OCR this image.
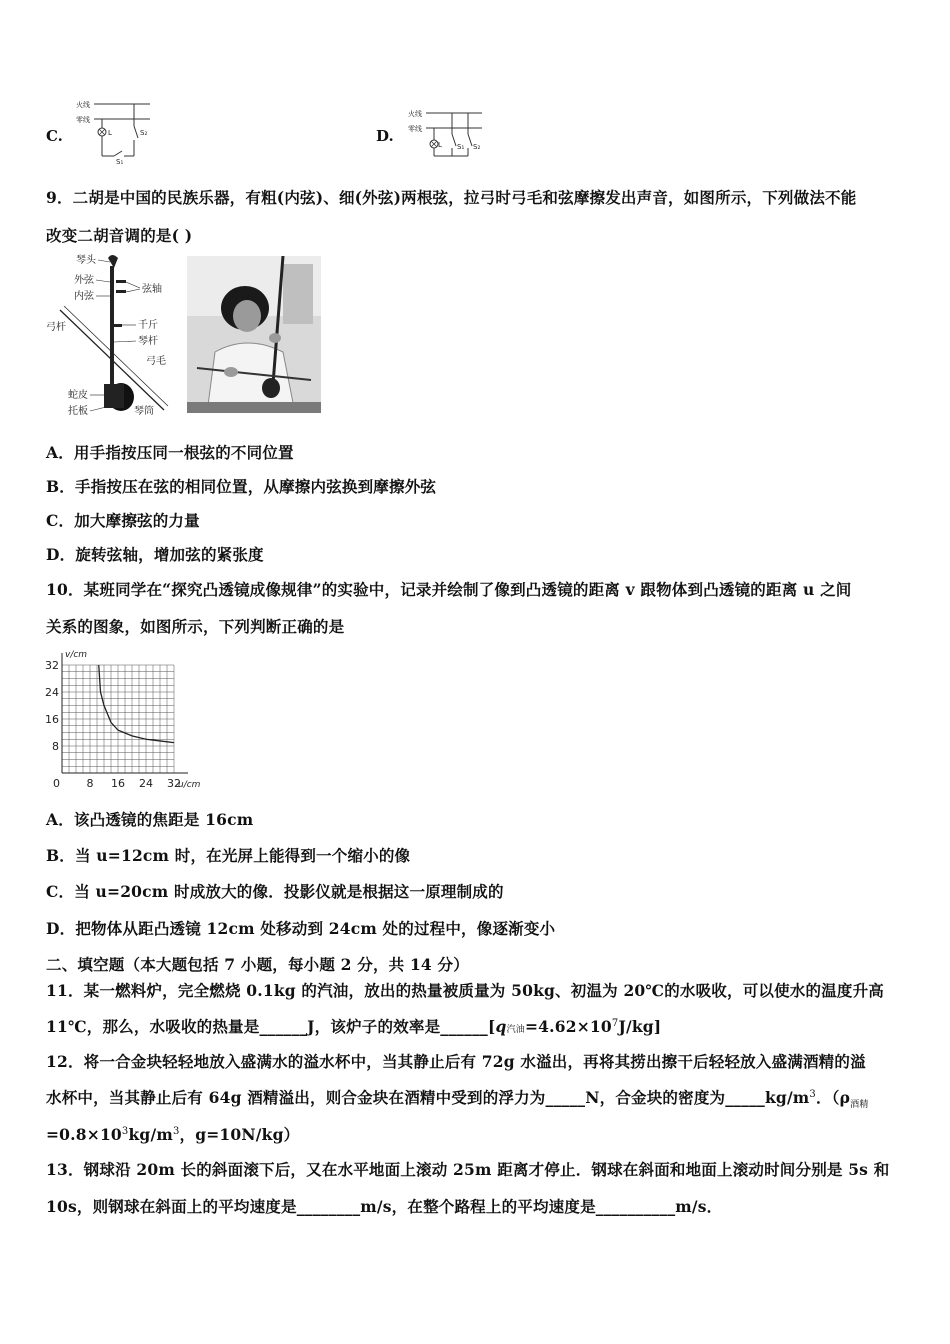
C.
火线
零线
L	S₂
S₁
D.
火线
零线
L S₁ S₂
9．二胡是中国的民族乐器，有粗(内弦)、细(外弦)两根弦，拉弓时弓毛和弦摩擦发出声音，如图所示，下列做法不能
改变二胡音调的是( )
琴头
外弦
内弦
弦轴
弓杆	千斤
琴杆
弓毛
蛇皮
托板	琴筒
A．用手指按压同一根弦的不同位置
B．手指按压在弦的相同位置，从摩擦内弦换到摩擦外弦
C．加大摩擦弦的力量
D．旋转弦轴，增加弦的紧张度
10．某班同学在“探究凸透镜成像规律”的实验中，记录并绘制了像到凸透镜的距离 v 跟物体到凸透镜的距离 u 之间
关系的图象，如图所示，下列判断正确的是
8 16 24 32
8
16
24
32
v/cm
u/cm
0
A．该凸透镜的焦距是 16cm
B．当 u=12cm 时，在光屏上能得到一个缩小的像
C．当 u=20cm 时成放大的像．投影仪就是根据这一原理制成的
D．把物体从距凸透镜 12cm 处移动到 24cm 处的过程中，像逐渐变小
二、填空题（本大题包括 7 小题，每小题 2 分，共 14 分）
11．某一燃料炉，完全燃烧 0.1kg 的汽油，放出的热量被质量为 50kg、初温为 20℃的水吸收，可以使水的温度升高
11℃，那么，水吸收的热量是______J，该炉子的效率是______[q汽油$=4.62\times 10^7J/kg$]
12．将一合金块轻轻地放入盛满水的溢水杯中，当其静止后有 72g 水溢出，再将其捞出擦干后轻轻放入盛满酒精的溢
水杯中，当其静止后有 64g 酒精溢出，则合金块在酒精中受到的浮力为_____N，合金块的密度为$\_\_\_\_\_kg/m^3$．（$\rho_{酒精}$
$=0.8\times 10^3kg/m^3$，g=10N/kg）
13．钢球沿 20m 长的斜面滚下后，又在水平地面上滚动 25m 距离才停止．钢球在斜面和地面上滚动时间分别是 5s 和
10s，则钢球在斜面上的平均速度是________m/s，在整个路程上的平均速度是__________m/s．
